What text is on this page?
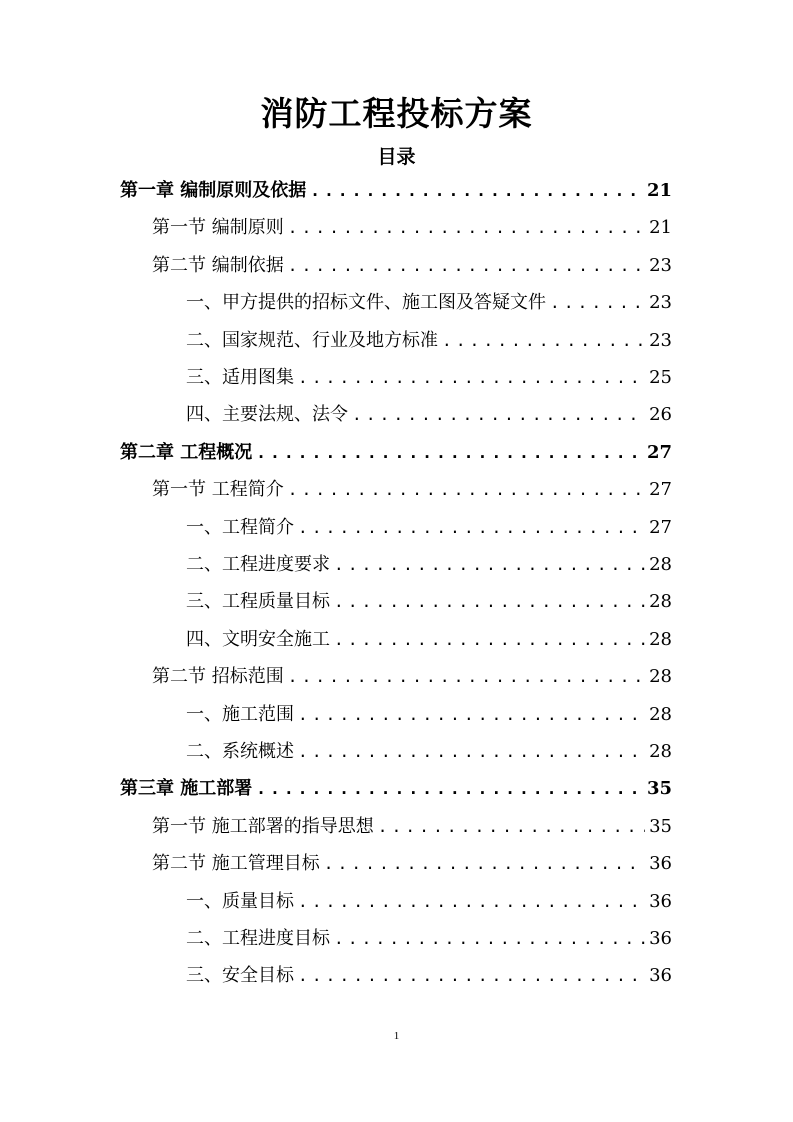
消防工程投标方案
目录
第一章 编制原则及依据 .....	21
第一节 编制原则 .....	21
第二节 编制依据 .....	23
一、甲方提供的招标文件、施工图及答疑文件 .....	23
二、国家规范、行业及地方标准 .....	23
三、适用图集 .....	25
四、主要法规、法令 .....	26
第二章 工程概况 .....	27
第一节 工程简介 .....	27
一、工程简介 .....	27
二、工程进度要求 .....	28
三、工程质量目标 .....	28
四、文明安全施工 .....	28
第二节 招标范围 .....	28
一、施工范围 .....	28
二、系统概述 .....	28
第三章 施工部署 .....	35
第一节 施工部署的指导思想 .....	35
第二节 施工管理目标 .....	36
一、质量目标 .....	36
二、工程进度目标 .....	36
三、安全目标 .....	36
1
